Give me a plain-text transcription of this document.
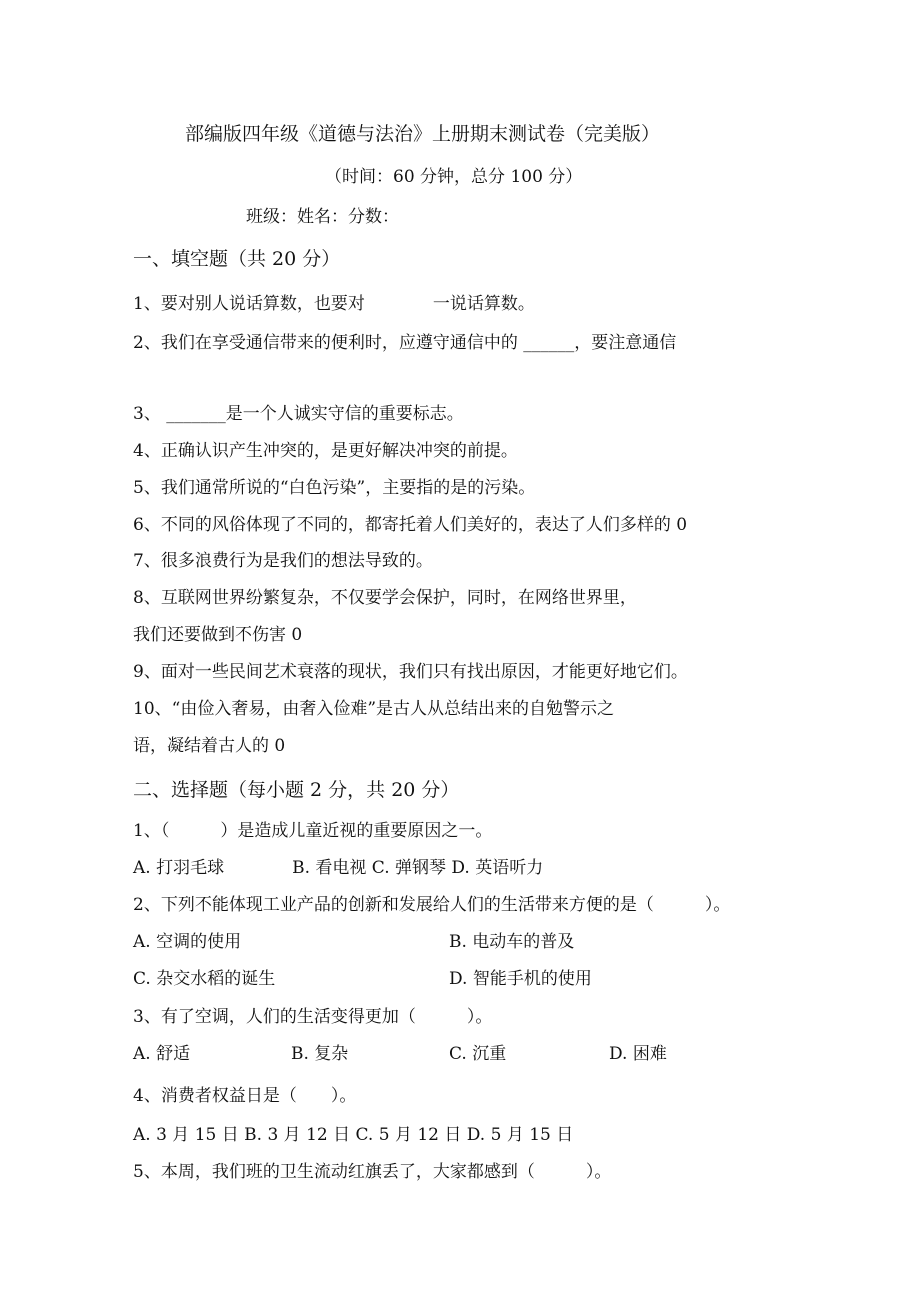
部编版四年级《道德与法治》上册期末测试卷（完美版）
（时间：60 分钟，总分 100 分）
班级：姓名：分数：
一、填空题（共 20 分）
1、要对别人说话算数，也要对　　　　一说话算数。
2、我们在享受通信带来的便利时，应遵守通信中的 ______，要注意通信
3、 _______是一个人诚实守信的重要标志。
4、正确认识产生冲突的，是更好解决冲突的前提。
5、我们通常所说的“白色污染”，主要指的是的污染。
6、不同的风俗体现了不同的，都寄托着人们美好的，表达了人们多样的 0
7、很多浪费行为是我们的想法导致的。
8、互联网世界纷繁复杂，不仅要学会保护，同时，在网络世界里，
我们还要做到不伤害 0
9、面对一些民间艺术衰落的现状，我们只有找出原因，才能更好地它们。
10、“由俭入奢易，由奢入俭难”是古人从总结出来的自勉警示之
语，凝结着古人的 0
二、选择题（每小题 2 分，共 20 分）
1、（　　　）是造成儿童近视的重要原因之一。
A. 打羽毛球　　　　B. 看电视 C. 弹钢琴 D. 英语听力
2、下列不能体现工业产品的创新和发展给人们的生活带来方便的是（　　　）。
A. 空调的使用	B. 电动车的普及
C. 杂交水稻的诞生	D. 智能手机的使用
3、有了空调，人们的生活变得更加（　　　）。
A. 舒适	B. 复杂	C. 沉重	D. 困难
4、消费者权益日是（　　）。
A. 3 月 15 日 B. 3 月 12 日 C. 5 月 12 日 D. 5 月 15 日
5、本周，我们班的卫生流动红旗丢了，大家都感到（　　　）。
